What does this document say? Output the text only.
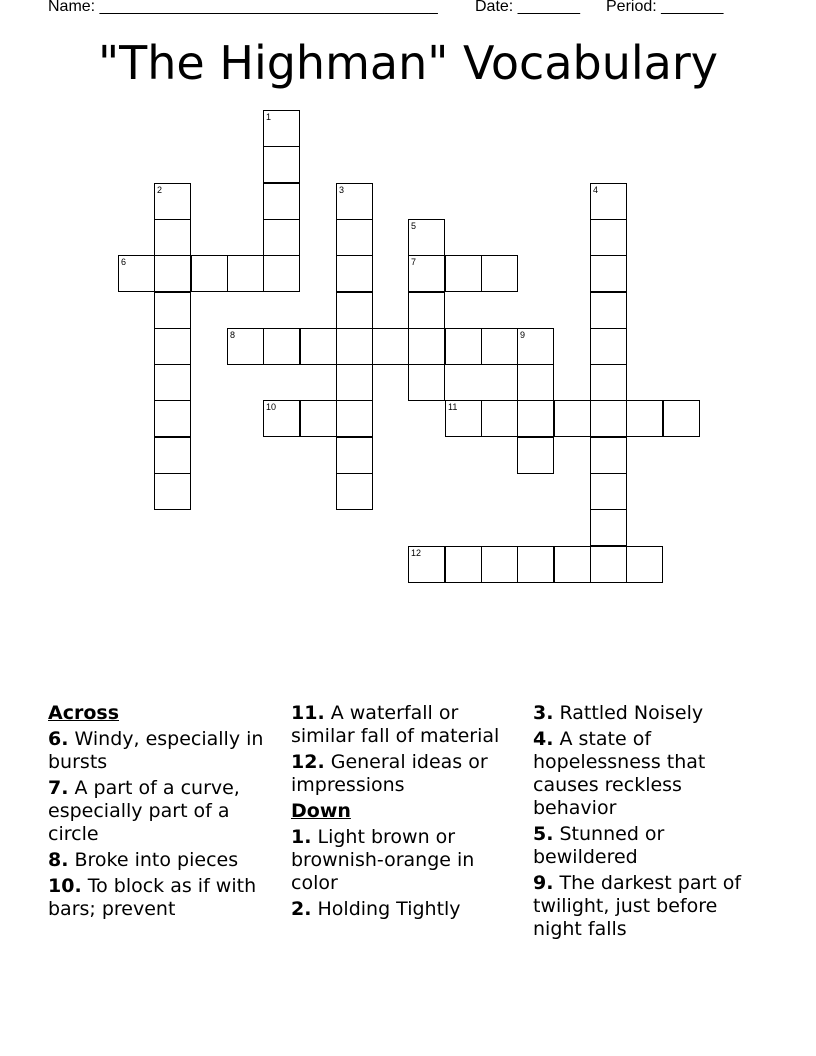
Name: ______________________________________ Date: _______ Period: _______
"The Highman" Vocabulary
1
2	3	4
5
7
6
8	9
10	11
12
Across
6. Windy, especially in bursts
7. A part of a curve, especially part of a circle
8. Broke into pieces
10. To block as if with bars; prevent
11. A waterfall or similar fall of material
12. General ideas or impressions
Down
1. Light brown or brownish-orange in color
2. Holding Tightly
3. Rattled Noisely
4. A state of hopelessness that causes reckless behavior
5. Stunned or bewildered
9. The darkest part of twilight, just before night falls
